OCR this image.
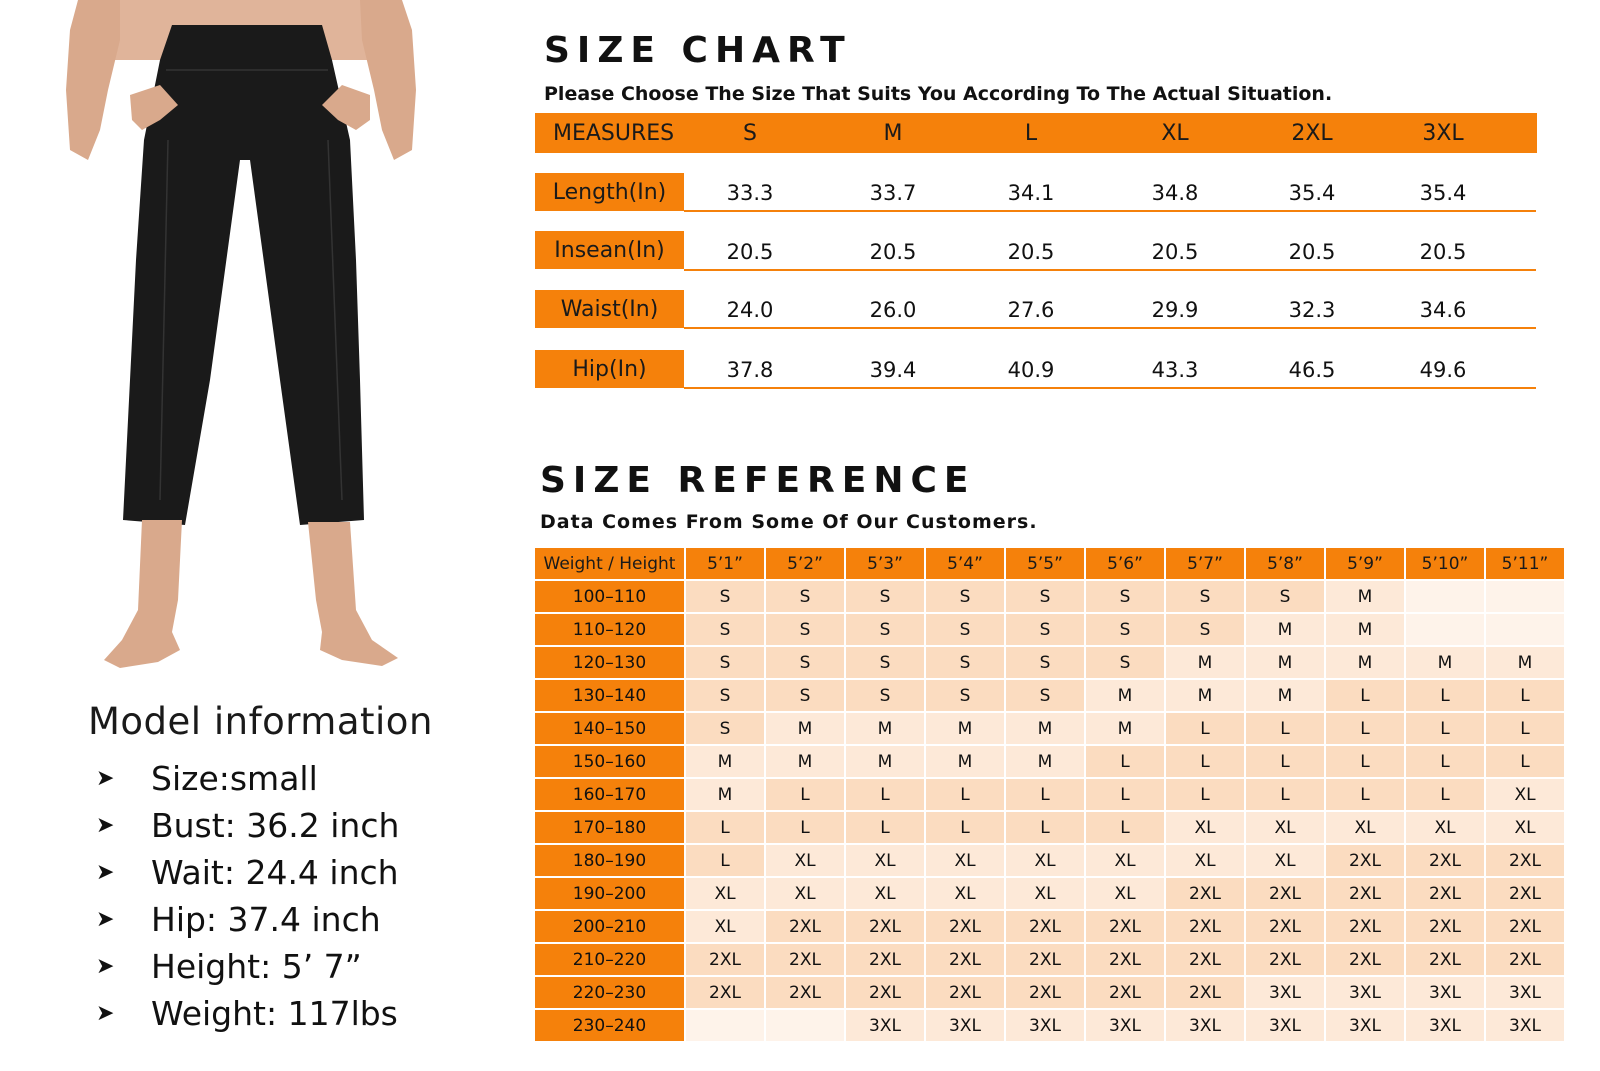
Model information
➤	Size:small
➤	Bust: 36.2 inch
➤	Wait: 24.4 inch
➤	Hip: 37.4 inch
➤	Height: 5’ 7”
➤	Weight: 117lbs
SIZE CHART

Please Choose The Size That Suits You According To The Actual Situation.

MEASURES	S	M	L	XL	2XL	3XL
Length(In)	33.3	33.7	34.1	34.8	35.4	35.4
Insean(In)	20.5	20.5	20.5	20.5	20.5	20.5
Waist(In)	24.0	26.0	27.6	29.9	32.3	34.6
Hip(In)	37.8	39.4	40.9	43.3	46.5	49.6
SIZE REFERENCE

Data Comes From Some Of Our Customers.

Weight / Height	5’1”	5’2”	5’3”	5’4”	5’5”	5’6”	5’7”	5’8”	5’9”	5’10”	5’11”
100–110	S	S	S	S	S	S	S	S	M		
110–120	S	S	S	S	S	S	S	M	M		
120–130	S	S	S	S	S	S	M	M	M	M	M
130–140	S	S	S	S	S	M	M	M	L	L	L
140–150	S	M	M	M	M	M	L	L	L	L	L
150–160	M	M	M	M	M	L	L	L	L	L	L
160–170	M	L	L	L	L	L	L	L	L	L	XL
170–180	L	L	L	L	L	L	XL	XL	XL	XL	XL
180–190	L	XL	XL	XL	XL	XL	XL	XL	2XL	2XL	2XL
190–200	XL	XL	XL	XL	XL	XL	2XL	2XL	2XL	2XL	2XL
200–210	XL	2XL	2XL	2XL	2XL	2XL	2XL	2XL	2XL	2XL	2XL
210–220	2XL	2XL	2XL	2XL	2XL	2XL	2XL	2XL	2XL	2XL	2XL
220–230	2XL	2XL	2XL	2XL	2XL	2XL	2XL	3XL	3XL	3XL	3XL
230–240			3XL	3XL	3XL	3XL	3XL	3XL	3XL	3XL	3XL
